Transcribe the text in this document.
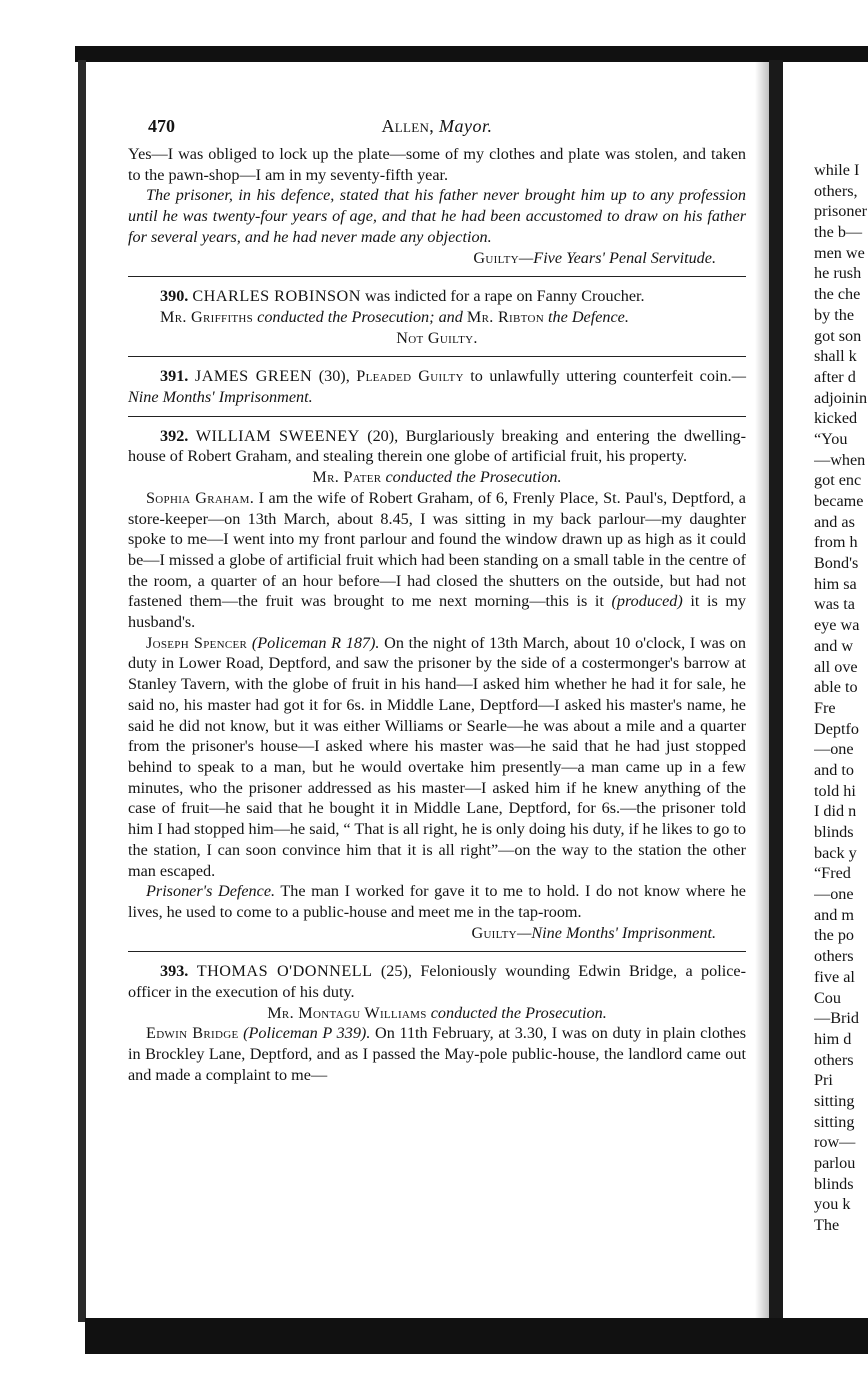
470	Allen, Mayor.

Yes—I was obliged to lock up the plate—some of my clothes and plate was stolen, and taken to the pawn-shop—I am in my seventy-fifth year.

The prisoner, in his defence, stated that his father never brought him up to any profession until he was twenty-four years of age, and that he had been accustomed to draw on his father for several years, and he had never made any objection.

Guilty—Five Years' Penal Servitude.

390. CHARLES ROBINSON was indicted for a rape on Fanny Croucher.

Mr. Griffiths conducted the Prosecution; and Mr. Ribton the Defence.

Not Guilty.

391. JAMES GREEN (30), Pleaded Guilty to unlawfully uttering counterfeit coin.—Nine Months' Imprisonment.

392. WILLIAM SWEENEY (20), Burglariously breaking and entering the dwelling-house of Robert Graham, and stealing therein one globe of artificial fruit, his property.

Mr. Pater conducted the Prosecution.

Sophia Graham. I am the wife of Robert Graham, of 6, Frenly Place, St. Paul's, Deptford, a store-keeper—on 13th March, about 8.45, I was sitting in my back parlour—my daughter spoke to me—I went into my front parlour and found the window drawn up as high as it could be—I missed a globe of artificial fruit which had been standing on a small table in the centre of the room, a quarter of an hour before—I had closed the shutters on the outside, but had not fastened them—the fruit was brought to me next morning—this is it (produced) it is my husband's.

Joseph Spencer (Policeman R 187). On the night of 13th March, about 10 o'clock, I was on duty in Lower Road, Deptford, and saw the prisoner by the side of a costermonger's barrow at Stanley Tavern, with the globe of fruit in his hand—I asked him whether he had it for sale, he said no, his master had got it for 6s. in Middle Lane, Deptford—I asked his master's name, he said he did not know, but it was either Williams or Searle—he was about a mile and a quarter from the prisoner's house—I asked where his master was—he said that he had just stopped behind to speak to a man, but he would overtake him presently—a man came up in a few minutes, who the prisoner addressed as his master—I asked him if he knew anything of the case of fruit—he said that he bought it in Middle Lane, Deptford, for 6s.—the prisoner told him I had stopped him—he said, “ That is all right, he is only doing his duty, if he likes to go to the station, I can soon convince him that it is all right”—on the way to the station the other man escaped.

Prisoner's Defence. The man I worked for gave it to me to hold. I do not know where he lives, he used to come to a public-house and meet me in the tap-room.

Guilty—Nine Months' Imprisonment.

393. THOMAS O'DONNELL (25), Feloniously wounding Edwin Bridge, a police-officer in the execution of his duty.

Mr. Montagu Williams conducted the Prosecution.

Edwin Bridge (Policeman P 339). On 11th February, at 3.30, I was on duty in plain clothes in Brockley Lane, Deptford, and as I passed the May-pole public-house, the landlord came out and made a complaint to me—

while I
others,
prisoner
the b—
men we
he rush
the che
by the
got son
shall k
after d
adjoinin
kicked
“You
—when
got enc
became
and as
from h
Bond's
him sa
was ta
eye wa
and w
all ove
able to
Fre
Deptfo
—one
and to
told hi
I did n
blinds
back y
“Fred
—one
and m
the po
others
five al
Cou
—Brid
him d
others
Pri
sitting
sitting
row—
parlou
blinds
you k
The
